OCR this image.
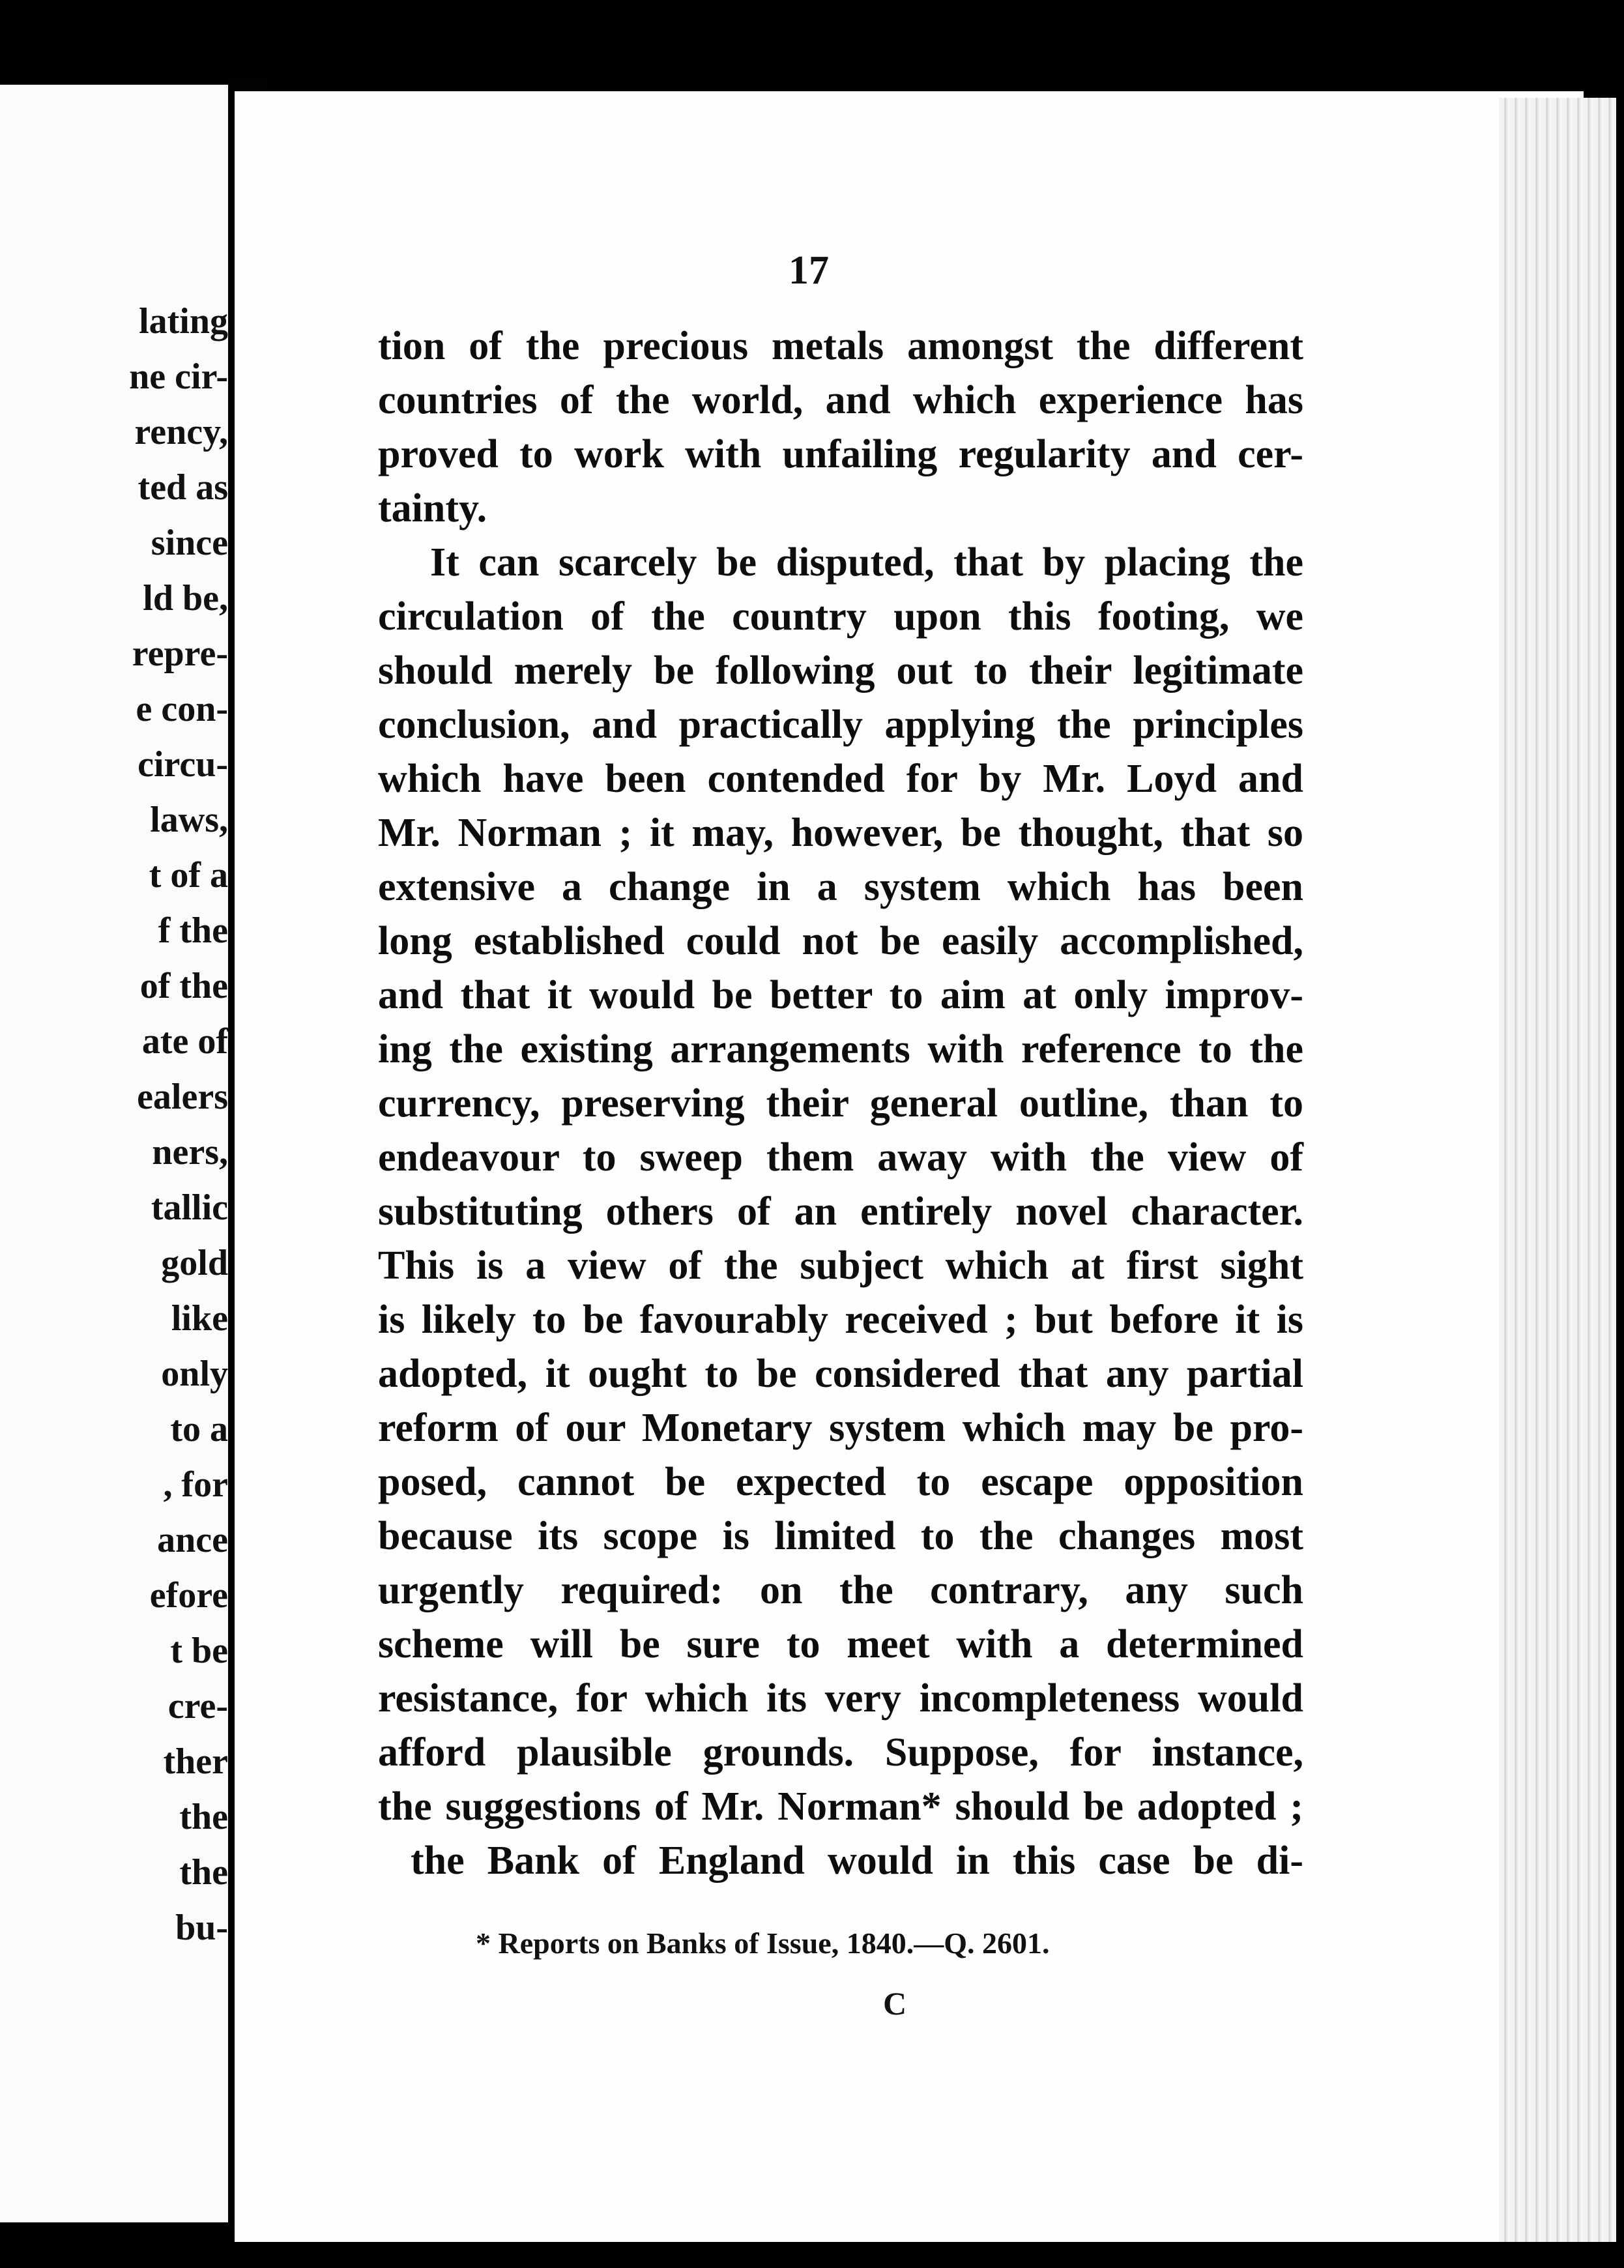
lating
ne cir-
rency,
ted as
since
ld be,
repre-
e con-
circu-
laws,
t of a
f the
of the
ate of
ealers
ners,
tallic
gold
like
only
to a
, for
ance
efore
t be
cre-
ther
the
the
bu-
17
tion of the precious metals amongst the different
countries of the world, and which experience has
proved to work with unfailing regularity and cer-
tainty.
It can scarcely be disputed, that by placing the
circulation of the country upon this footing, we
should merely be following out to their legitimate
conclusion, and practically applying the principles
which have been contended for by Mr. Loyd and
Mr. Norman ; it may, however, be thought, that so
extensive a change in a system which has been
long established could not be easily accomplished,
and that it would be better to aim at only improv-
ing the existing arrangements with reference to the
currency, preserving their general outline, than to
endeavour to sweep them away with the view of
substituting others of an entirely novel character.
This is a view of the subject which at first sight
is likely to be favourably received ; but before it is
adopted, it ought to be considered that any partial
reform of our Monetary system which may be pro-
posed, cannot be expected to escape opposition
because its scope is limited to the changes most
urgently required: on the contrary, any such
scheme will be sure to meet with a determined
resistance, for which its very incompleteness would
afford plausible grounds. Suppose, for instance,
the suggestions of Mr. Norman* should be adopted ;
the Bank of England would in this case be di-
* Reports on Banks of Issue, 1840.—Q. 2601.
C
